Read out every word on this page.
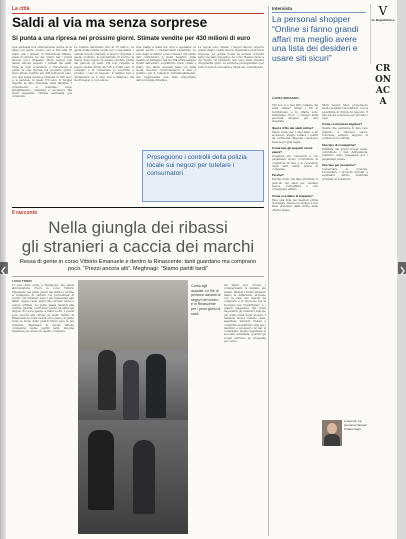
La città
Saldi al via ma senza sorprese
Si punta a una ripresa nei prossimi giorni. Stimate vendite per 430 milioni di euro

Una partenza non effervescente anche se in linea con l'anno scorso. Ieri a dire alle 18 erano già i numeri di Federmoda Milano: ressa in alcune vie del centro ma i prezzi ancora poco ribassati. Molti negozi non hanno ancora esposto i cartelli dei saldi. Vista la crisi economica e l'incertezza si punta su una ripresa nei prossimi giorni. Sono attese vendite per 430 milioni di euro, con una spesa media a famiglia di 300 euro e, a persona, di quasi 170 euro. Il budget rispetto al dato nazionale delle famiglie. I consumatori si orientano verso abbigliamento, calzature e accessori. Ma molti aspettano l'ultima settimana per comprare.

Le vendite dureranno fino al 15 marzo. La guida della polizia locale per i negozianti: i cartelli devono indicare il prezzo originale e quello scontato, la percentuale di sconto; la merce deve essere la stessa venduta prima del periodo di saldi. Chi non rispetta le regole rischia multe da 516 a 3.098 euro. Il consiglio è di conservare lo scontrino e provare i capi in negozio. Il cambio non è obbligatorio se il capo non è difettoso, ma molti negozi lo concedono.

Una realtà a metà tra crisi e speranze: in questi giorni i commercianti registrano un calo degli scontrini e dei consumi. Gli ultimi dati confermano il trend negativo delle vendite al dettaglio. Ma la città attira sempre turisti dall'estero, soprattutto russi, cinesi e arabi, che fanno acquisti nelle vie della moda. Secondo Confcommercio il dato è positivo per il comparto dell'abbigliamento, che rappresenta una fetta importante dell'economia cittadina.

Le regole sono chiare: i negozi devono esporre prezzi chiari, i saldi devono riguardare prodotti di stagione. La polizia locale ha avviato controlli nelle vie dello shopping, da corso Buenos Aires a via Torino. Al momento non sono state rilevate irregolarità gravi. Le verifiche proseguiranno per tutto il periodo dei saldi a tutela dei consumatori.

Proseguono i controlli della polizia locale sui negozi per tutelare i consumatori
Intervista
La personal shopper “Online si fanno grandi affari ma meglio avere una lista dei desideri e usare siti sicuri”
LAURA SERASSIO
V
la Repubblica
—
CRONACA

Chi non si è mai fatto tentare dai saldi online? Ormai i siti si moltiplicano e le offerte sono tantissime. Ecco i consigli della personal shopper per non sbagliare.

Qual è il filo dei saldi online?

Vanno bene per i capi basic e gli accessori, meglio evitare i vestiti da cerimonia. Bisogna conoscere bene la propria taglia.

Come fare gli acquisti senza paura?

Scegliere siti conosciuti e con pagamenti sicuri. Controllare le condizioni di reso e le recensioni degli altri utenti prima di comprare.

Perché?

Perché molti siti falsi sfruttano il periodo dei saldi per vendere merce contraffatta o non consegnare affatto.

Come si evitano le trappole?

Fare una lista dei desideri prima di iniziare, fissare un budget e non farsi prendere dalla fretta delle offerte lampo.

Molti negozi fisici propongono anche acquisti via internet, con la possibilità di ritirare in negozio. È una buona soluzione per provare i capi.

Come si orienta la migliore?

Quella che permette di fare reso gratuito e rimborsi veloci. Conviene sempre leggere le condizioni di vendita.

Che tipo di consigli ha?

Diffidare dei prezzi troppo bassi, controllare i dati dell'azienda, preferire carte prepagate per i pagamenti online.

Che fare per prevenire?

Conservare le ricevute, fotografare i prodotti arrivati e segnalare subito eventuali problemi al venditore.

L'esperta. La personal shopper Chiara Negri
Il racconto
Nella giungla dei ribassi
gli stranieri a caccia dei marchi
Ressa di gente in corso Vittorio Emanuele e dentro la Rinascente: tanti guardano ma comprano poco. “Prezzi ancora alti”. Meghnagi: “Siamo partiti tardi”
LUCIA TIVERI

Ci sono folle come a Ferragosto ma senza abbronzatura. Fuori, in corso Vittorio Emanuele, nei primi giorni dei saldi le vetrine si riempiono di cartelli con percentuali di sconto. Gli stranieri sono i più interessati agli affari: cinesi, russi, arabi che cercano borse e scarpe griffate. La gente passa davanti alle vetrine, guarda, confronta i prezzi ed entra nei negozi. Poi esce spesso a mani vuote. I prezzi sono ancora alti, dicono in molti. Dentro la Rinascente le scale mobili sono piene. Al piano terra le borse delle grandi firme sono le più richieste. Meghnagi di Ascom Milano commenta: siamo partiti tardi, bisogna aspettare per avere un quadro completo.

Corsa agli acquisti. Le file di persone davanti ai negozi del centro e in Rinascente per i primi giorni di saldi

Gli affari veri, dicono i commercianti, si faranno più avanti. Intanto i turisti stranieri fanno la differenza: arrivano con la lista dei marchi da comprare e si muovono tra le boutique del Quadrilatero e i grandi magazzini. Per molti negozianti gli stranieri valgono più della metà degli incassi. I milanesi invece restano cauti, aspettano ulteriori ribassi e comprano soprattutto capi per i bambini e accessori. Al bar si commenta: meglio aspettare la seconda settimana, quando gli sconti arrivano al cinquanta per cento.
